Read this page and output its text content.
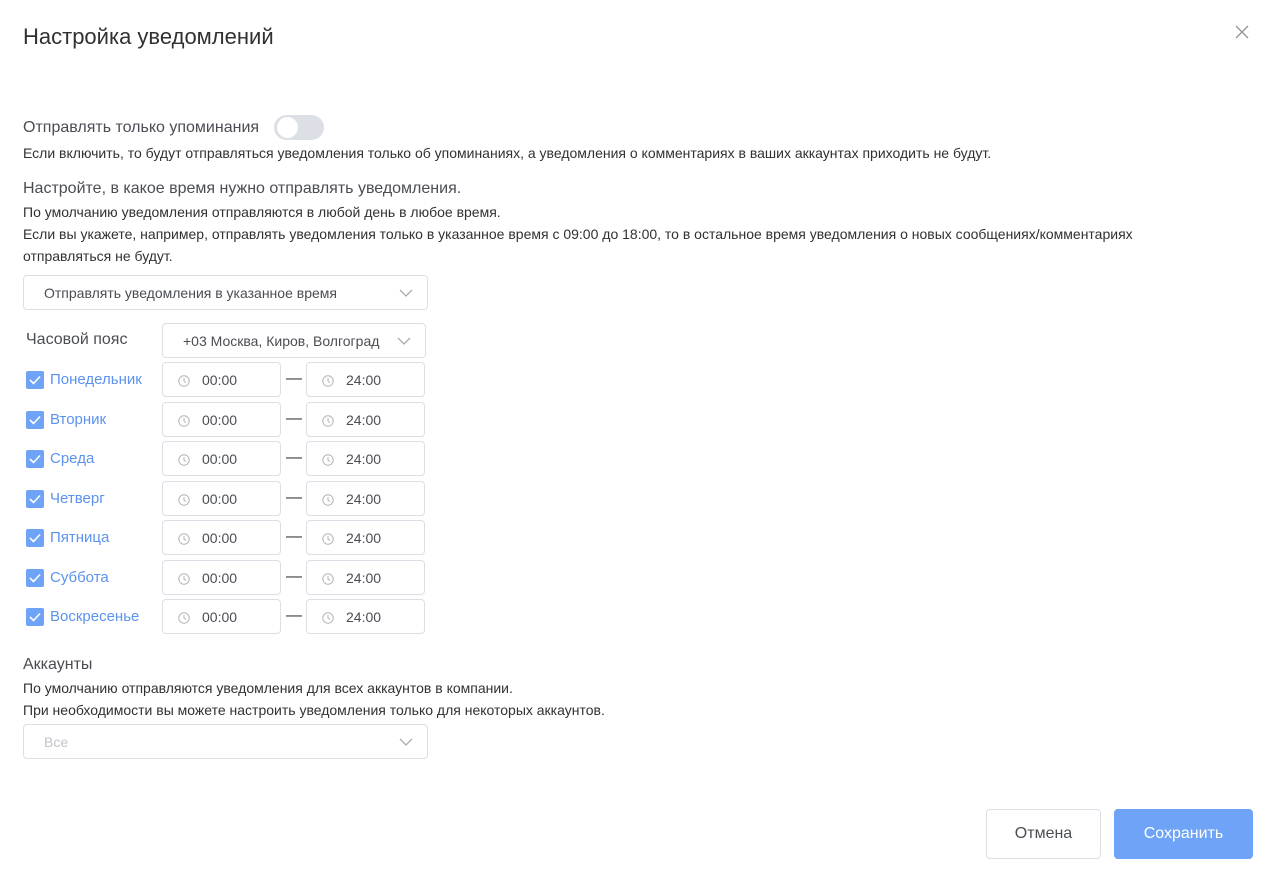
Настройка уведомлений
Отправлять только упоминания
Если включить, то будут отправляться уведомления только об упоминаниях, а уведомления о комментариях в ваших аккаунтах приходить не будут.
Настройте, в какое время нужно отправлять уведомления.
По умолчанию уведомления отправляются в любой день в любое время.
Если вы укажете, например, отправлять уведомления только в указанное время с 09:00 до 18:00, то в остальное время уведомления о новых сообщениях/комментариях отправляться не будут.
Отправлять уведомления в указанное время
Часовой пояс	+03 Москва, Киров, Волгоград
Понедельник	00:00	—	24:00
Вторник	00:00	—	24:00
Среда	00:00	—	24:00
Четверг	00:00	—	24:00
Пятница	00:00	—	24:00
Суббота	00:00	—	24:00
Воскресенье	00:00	—	24:00
Аккаунты
По умолчанию отправляются уведомления для всех аккаунтов в компании.
При необходимости вы можете настроить уведомления только для некоторых аккаунтов.
Все
Отмена	Сохранить
